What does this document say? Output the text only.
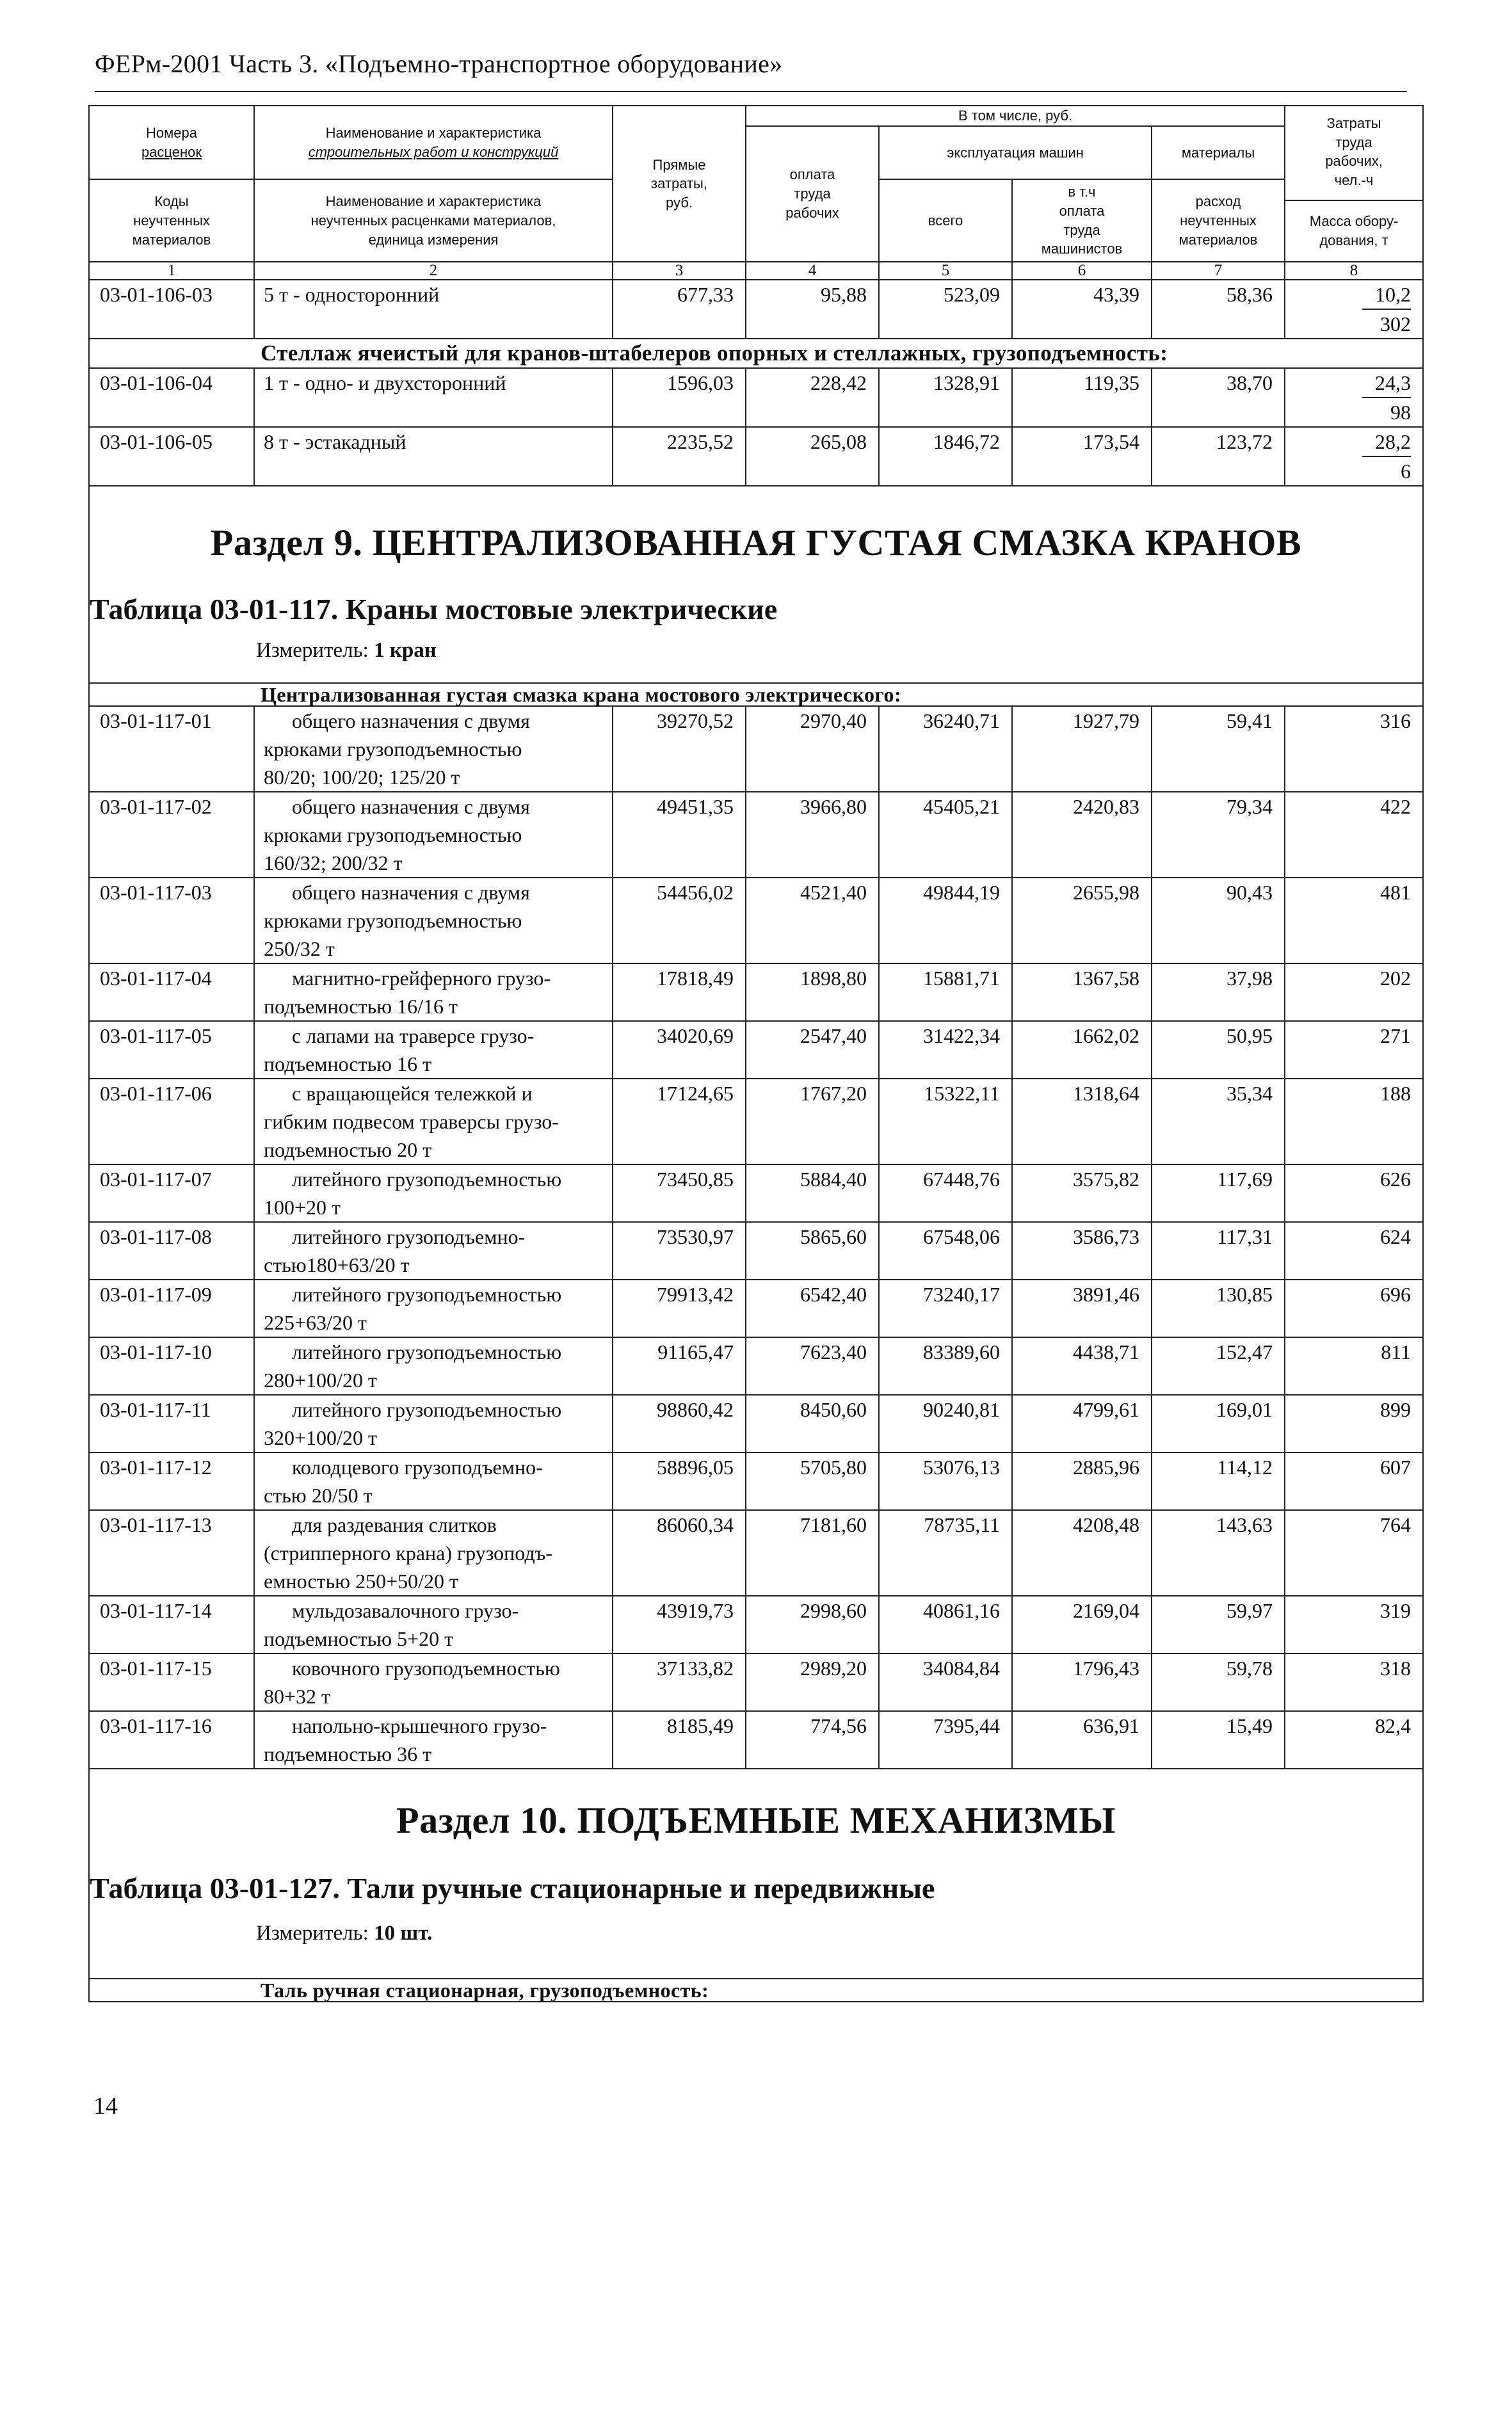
ФЕРм-2001 Часть 3. «Подъемно-транспортное оборудование»
Номера
расценок	Наименование и характеристика
строительных работ и конструкций	Прямые
затраты,
руб.	В том числе, руб.				Затраты
труда
рабочих,
чел.-ч
			оплата
труда
рабочих	эксплуатация машин		материалы	
Коды
неучтенных
материалов	Наименование и характеристика
неучтенных расценками материалов,
единица измерения			всего	в т.ч
оплата
труда
машинистов	расход
неучтенных
материалов	
							Масса обору-
дования, т
1	2	3	4	5	6	7	8
03-01-106-03	5 т - односторонний	677,33	95,88	523,09	43,39	58,36	10,2
302
	Стеллаж ячеистый для кранов-штабелеров опорных и стеллажных, грузоподъемность:						
03-01-106-04	1 т - одно- и двухсторонний	1596,03	228,42	1328,91	119,35	38,70	24,3
98
03-01-106-05	8 т - эстакадный	2235,52	265,08	1846,72	173,54	123,72	28,2
6

Раздел 9. ЦЕНТРАЛИЗОВАННАЯ ГУСТАЯ СМАЗКА КРАНОВ
Таблица 03-01-117. Краны мостовые электрические
Измеритель: 1 кран							

	Централизованная густая смазка крана мостового электрического:						
03-01-117-01	общего назначения с двумя
крюками грузоподъемностью
80/20; 100/20; 125/20 т	39270,52	2970,40	36240,71	1927,79	59,41	316
03-01-117-02	общего назначения с двумя
крюками грузоподъемностью
160/32; 200/32 т	49451,35	3966,80	45405,21	2420,83	79,34	422
03-01-117-03	общего назначения с двумя
крюками грузоподъемностью
250/32 т	54456,02	4521,40	49844,19	2655,98	90,43	481
03-01-117-04	магнитно-грейферного грузо-
подъемностью 16/16 т	17818,49	1898,80	15881,71	1367,58	37,98	202
03-01-117-05	с лапами на траверсе грузо-
подъемностью 16 т	34020,69	2547,40	31422,34	1662,02	50,95	271
03-01-117-06	с вращающейся тележкой и
гибким подвесом траверсы грузо-
подъемностью 20 т	17124,65	1767,20	15322,11	1318,64	35,34	188
03-01-117-07	литейного грузоподъемностью
100+20 т	73450,85	5884,40	67448,76	3575,82	117,69	626
03-01-117-08	литейного грузоподъемно-
стью180+63/20 т	73530,97	5865,60	67548,06	3586,73	117,31	624
03-01-117-09	литейного грузоподъемностью
225+63/20 т	79913,42	6542,40	73240,17	3891,46	130,85	696
03-01-117-10	литейного грузоподъемностью
280+100/20 т	91165,47	7623,40	83389,60	4438,71	152,47	811
03-01-117-11	литейного грузоподъемностью
320+100/20 т	98860,42	8450,60	90240,81	4799,61	169,01	899
03-01-117-12	колодцевого грузоподъемно-
стью 20/50 т	58896,05	5705,80	53076,13	2885,96	114,12	607
03-01-117-13	для раздевания слитков
(стрипперного крана) грузоподъ-
емностью 250+50/20 т	86060,34	7181,60	78735,11	4208,48	143,63	764
03-01-117-14	мульдозавалочного грузо-
подъемностью 5+20 т	43919,73	2998,60	40861,16	2169,04	59,97	319
03-01-117-15	ковочного грузоподъемностью
80+32 т	37133,82	2989,20	34084,84	1796,43	59,78	318
03-01-117-16	напольно-крышечного грузо-
подъемностью 36 т	8185,49	774,56	7395,44	636,91	15,49	82,4

Раздел 10. ПОДЪЕМНЫЕ МЕХАНИЗМЫ
Таблица 03-01-127. Тали ручные стационарные и передвижные
Измеритель: 10 шт.							

	Таль ручная стационарная, грузоподъемность:						
14
